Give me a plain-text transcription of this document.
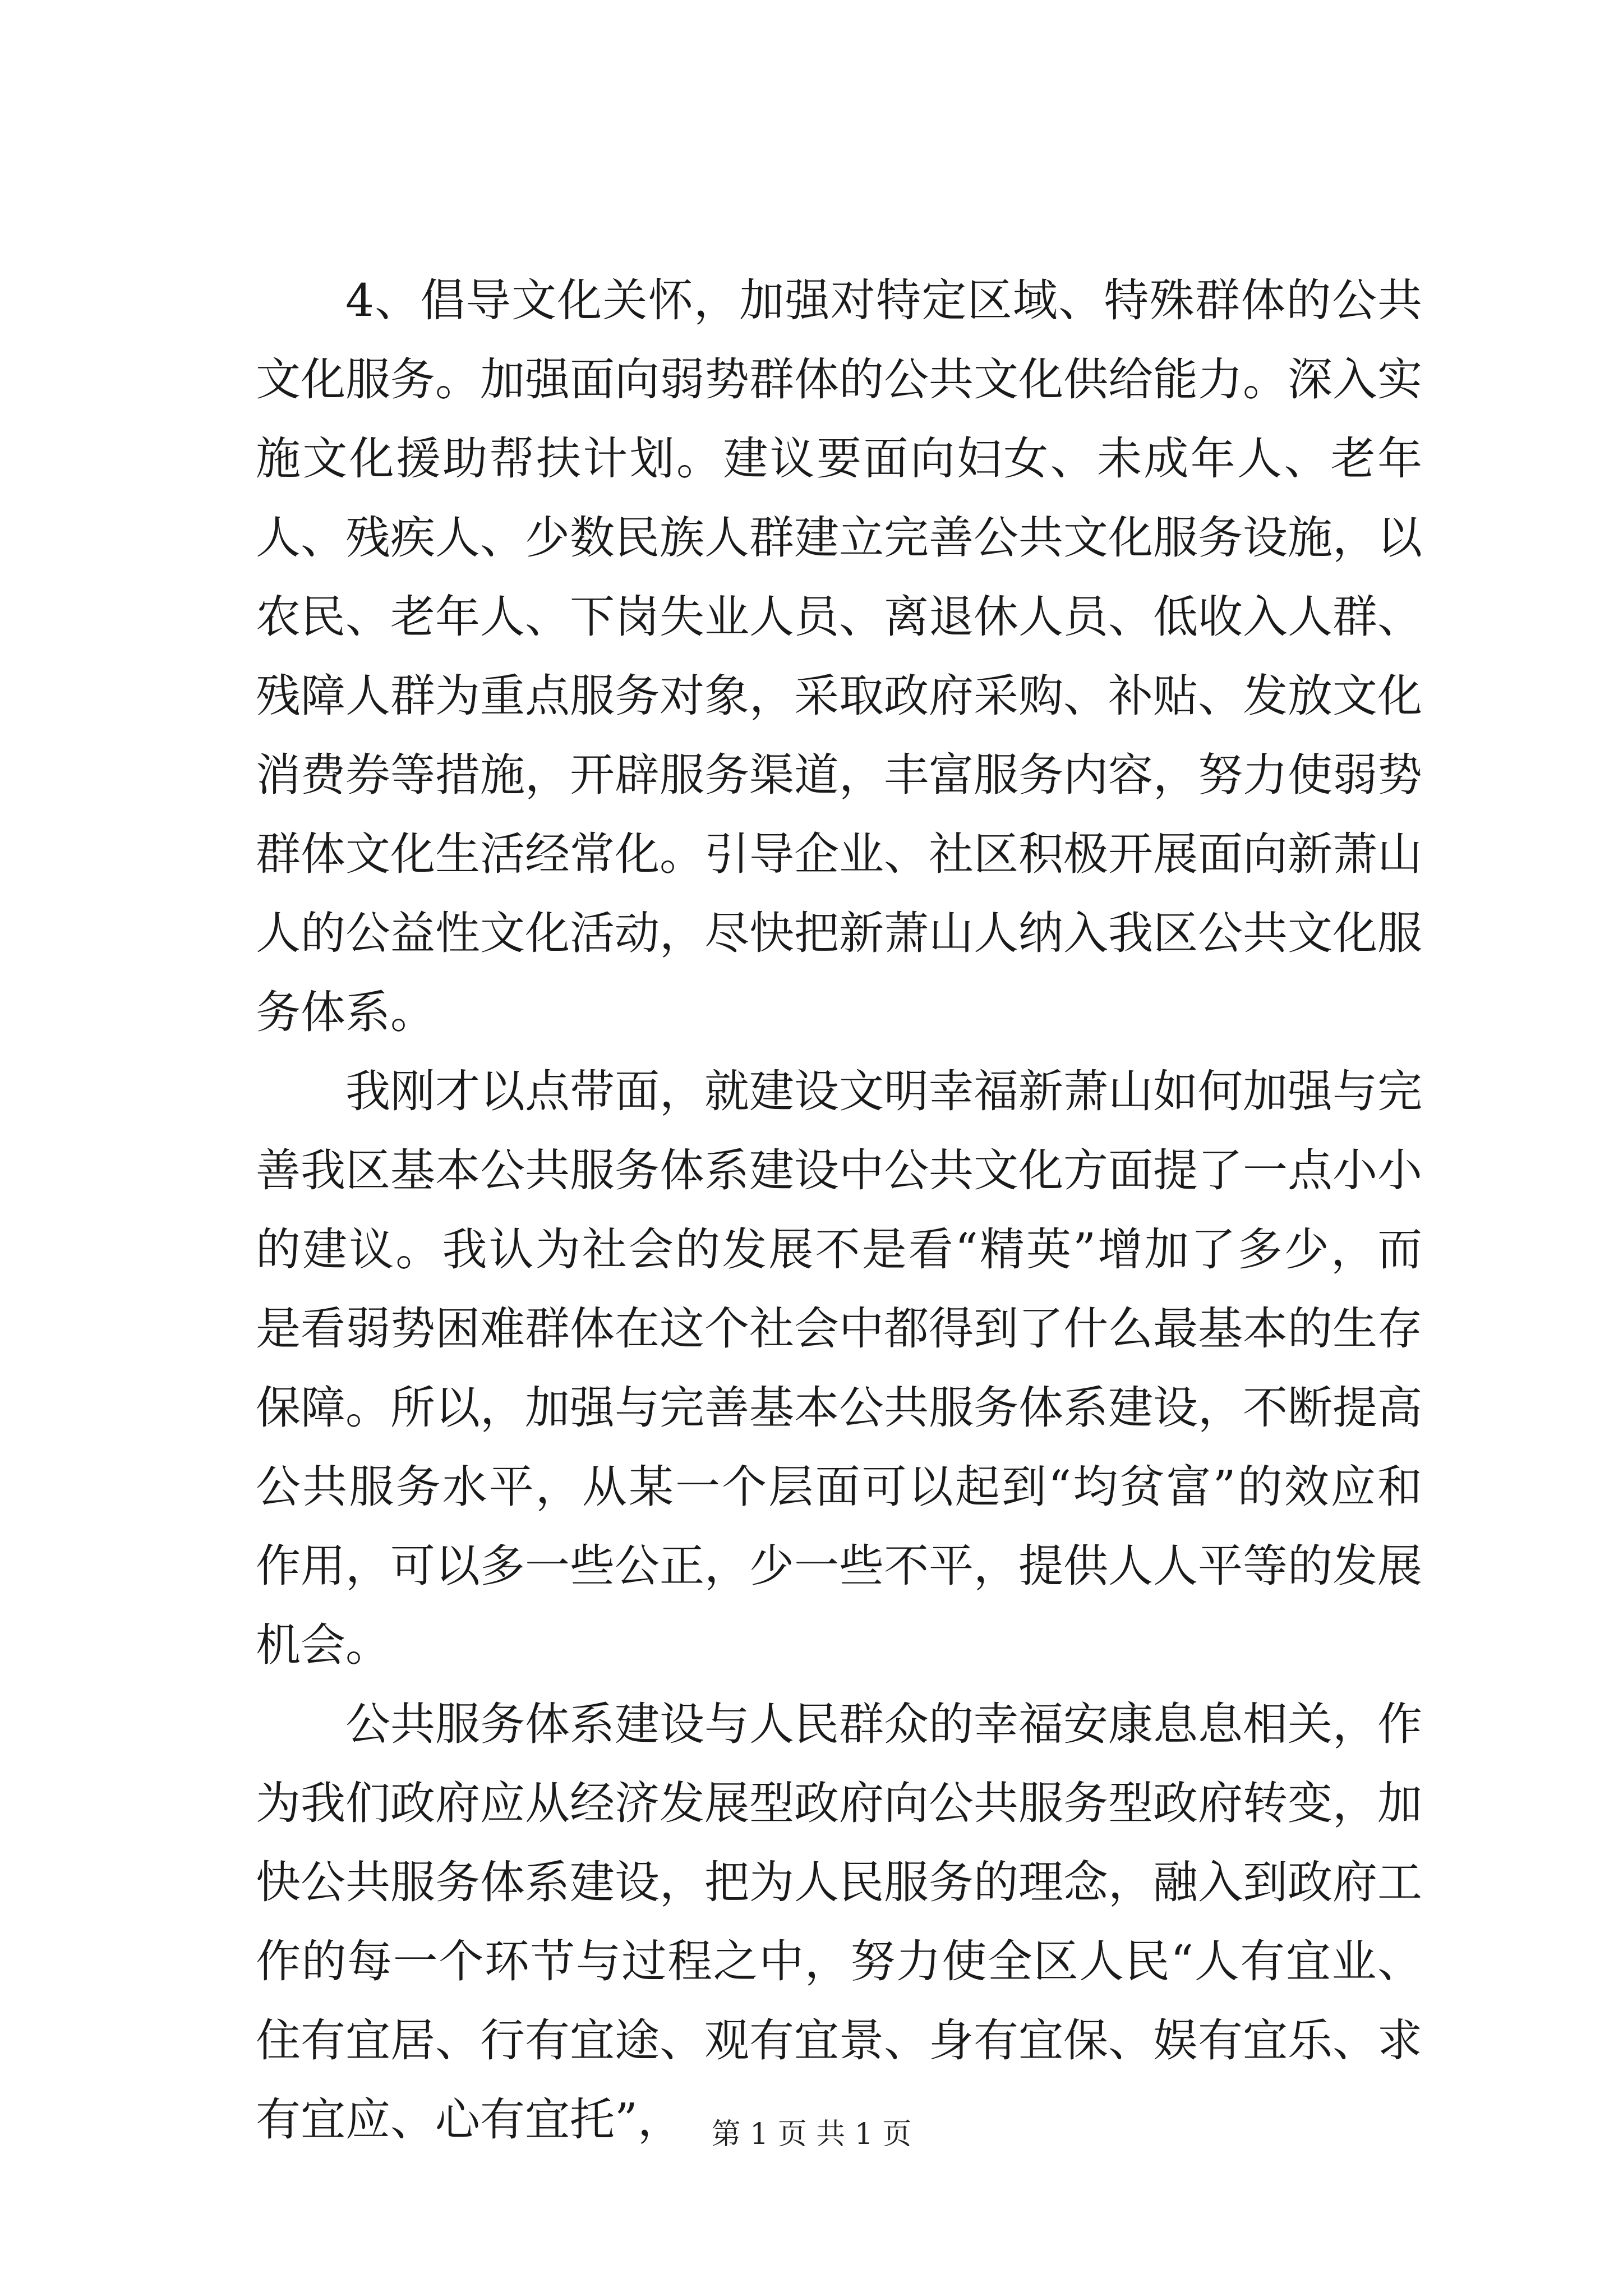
4、倡导文化关怀，加强对特定区域、特殊群体的公共文化服务。加强面向弱势群体的公共文化供给能力。深入实施文化援助帮扶计划。建议要面向妇女、未成年人、老年人、残疾人、少数民族人群建立完善公共文化服务设施，以农民、老年人、下岗失业人员、离退休人员、低收入人群、残障人群为重点服务对象，采取政府采购、补贴、发放文化消费券等措施，开辟服务渠道，丰富服务内容，努力使弱势群体文化生活经常化。引导企业、社区积极开展面向新萧山人的公益性文化活动，尽快把新萧山人纳入我区公共文化服务体系。

我刚才以点带面，就建设文明幸福新萧山如何加强与完善我区基本公共服务体系建设中公共文化方面提了一点小小的建议。我认为社会的发展不是看“精英”增加了多少，而是看弱势困难群体在这个社会中都得到了什么最基本的生存保障。所以，加强与完善基本公共服务体系建设，不断提高公共服务水平，从某一个层面可以起到“均贫富”的效应和作用，可以多一些公正，少一些不平，提供人人平等的发展机会。

公共服务体系建设与人民群众的幸福安康息息相关，作为我们政府应从经济发展型政府向公共服务型政府转变，加快公共服务体系建设，把为人民服务的理念，融入到政府工作的每一个环节与过程之中，努力使全区人民“人有宜业、住有宜居、行有宜途、观有宜景、身有宜保、娱有宜乐、求有宜应、心有宜托”， 第 1 页 共 1 页
